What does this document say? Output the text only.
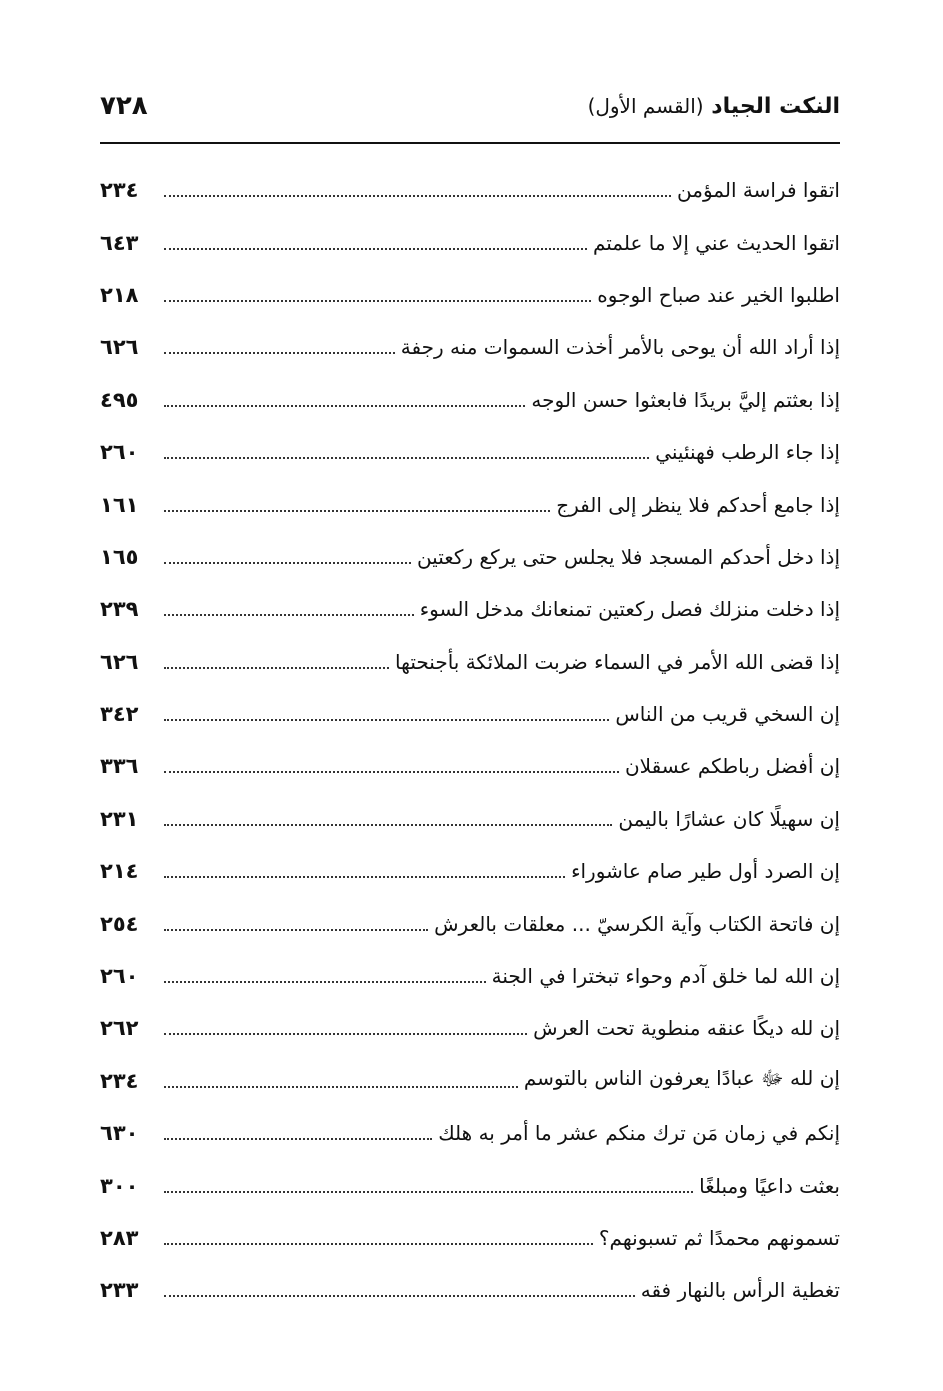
النكت الجياد (القسم الأول)
٧٢٨
اتقوا فراسة المؤمن
٢٣٤
اتقوا الحديث عني إلا ما علمتم
٦٤٣
اطلبوا الخير عند صباح الوجوه
٢١٨
إذا أراد الله أن يوحى بالأمر أخذت السموات منه رجفة
٦٢٦
إذا بعثتم إليَّ بريدًا فابعثوا حسن الوجه
٤٩٥
إذا جاء الرطب فهنئيني
٢٦٠
إذا جامع أحدكم فلا ينظر إلى الفرج
١٦١
إذا دخل أحدكم المسجد فلا يجلس حتى يركع ركعتين
١٦٥
إذا دخلت منزلك فصل ركعتين تمنعانك مدخل السوء
٢٣٩
إذا قضى الله الأمر في السماء ضربت الملائكة بأجنحتها
٦٢٦
إن السخي قريب من الناس
٣٤٢
إن أفضل رباطكم عسقلان
٣٣٦
إن سهيلًا كان عشارًا باليمن
٢٣١
إن الصرد أول طير صام عاشوراء
٢١٤
إن فاتحة الكتاب وآية الكرسيّ ... معلقات بالعرش
٢٥٤
إن الله لما خلق آدم وحواء تبخترا في الجنة
٢٦٠
إن لله ديكًا عنقه منطوية تحت العرش
٢٦٢
إن لله ﷻ عبادًا يعرفون الناس بالتوسم
٢٣٤
إنكم في زمان مَن ترك منكم عشر ما أمر به هلك
٦٣٠
بعثت داعيًا ومبلغًا
٣٠٠
تسمونهم محمدًا ثم تسبونهم؟
٢٨٣
تغطية الرأس بالنهار فقه
٢٣٣
